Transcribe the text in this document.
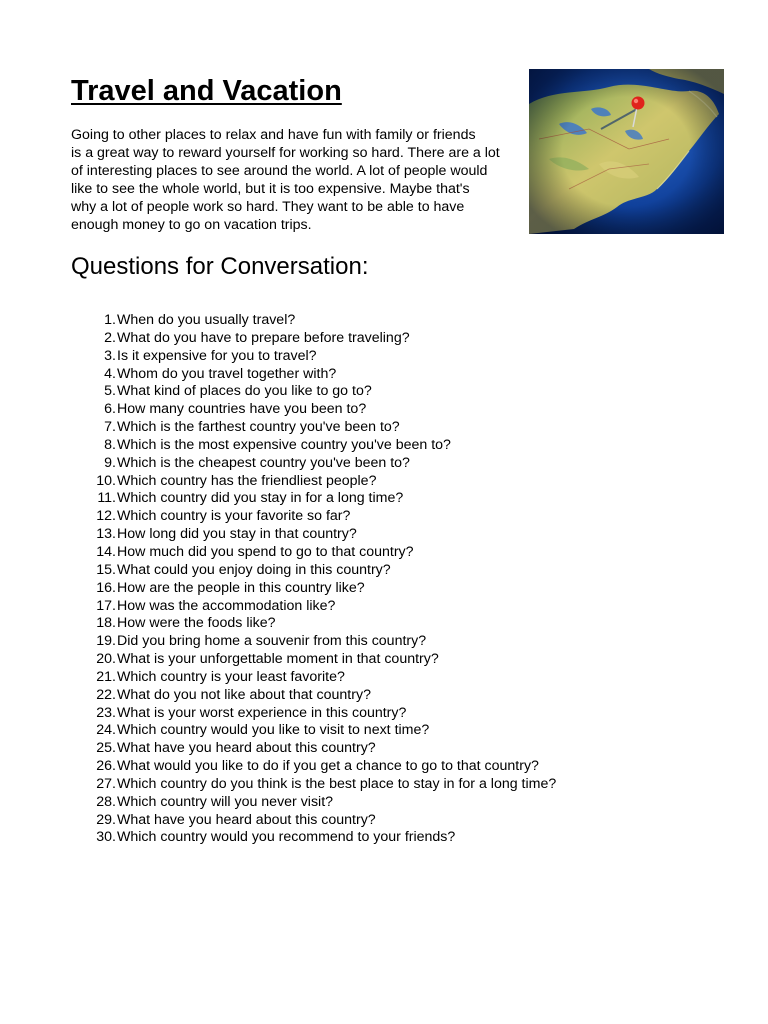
Travel and Vacation
Going to other places to relax and have fun with family or friends
is a great way to reward yourself for working so hard. There are a lot
of interesting places to see around the world. A lot of people would
like to see the whole world, but it is too expensive. Maybe that's
why a lot of people work so hard. They want to be able to have
enough money to go on vacation trips.
Questions for Conversation:
1. When do you usually travel?
2. What do you have to prepare before traveling?
3. Is it expensive for you to travel?
4. Whom do you travel together with?
5. What kind of places do you like to go to?
6. How many countries have you been to?
7. Which is the farthest country you've been to?
8. Which is the most expensive country you've been to?
9. Which is the cheapest country you've been to?
10. Which country has the friendliest people?
11. Which country did you stay in for a long time?
12. Which country is your favorite so far?
13. How long did you stay in that country?
14. How much did you spend to go to that country?
15. What could you enjoy doing in this country?
16. How are the people in this country like?
17. How was the accommodation like?
18. How were the foods like?
19. Did you bring home a souvenir from this country?
20. What is your unforgettable moment in that country?
21. Which country is your least favorite?
22. What do you not like about that country?
23. What is your worst experience in this country?
24. Which country would you like to visit to next time?
25. What have you heard about this country?
26. What would you like to do if you get a chance to go to that country?
27. Which country do you think is the best place to stay in for a long time?
28. Which country will you never visit?
29. What have you heard about this country?
30. Which country would you recommend to your friends?
